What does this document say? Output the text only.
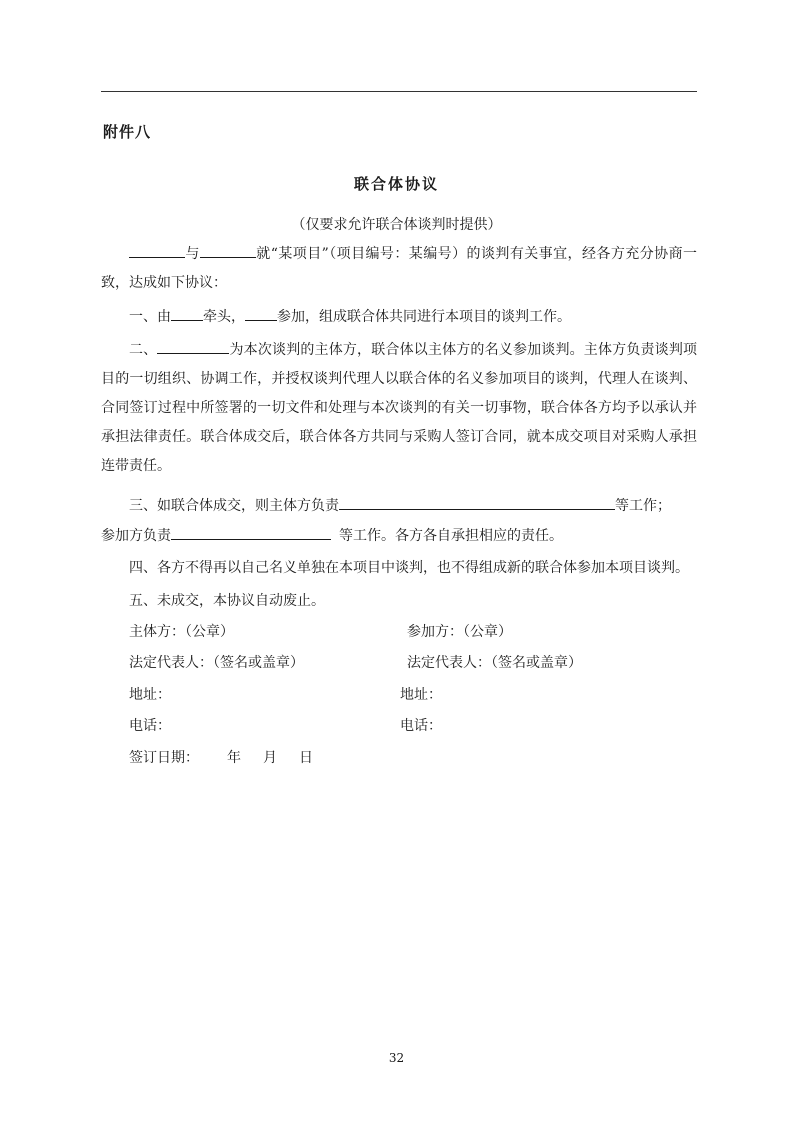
附件八
联合体协议
（仅要求允许联合体谈判时提供）
与	就“某项目”（项目编号：某编号）的谈判有关事宜，经各方充分协商一致，达成如下协议：
一、由 牵头， 参加，组成联合体共同进行本项目的谈判工作。
二、	为本次谈判的主体方，联合体以主体方的名义参加谈判。主体方负责谈判项目的一切组织、协调工作，并授权谈判代理人以联合体的名义参加项目的谈判，代理人在谈判、合同签订过程中所签署的一切文件和处理与本次谈判的有关一切事物，联合体各方均予以承认并承担法律责任。联合体成交后，联合体各方共同与采购人签订合同，就本成交项目对采购人承担连带责任。
三、如联合体成交，则主体方负责	等工作；
参加方负责	等工作。各方各自承担相应的责任。
四、各方不得再以自己名义单独在本项目中谈判，也不得组成新的联合体参加本项目谈判。
五、未成交，本协议自动废止。
主体方：（公章）	参加方：（公章）
法定代表人：（签名或盖章）	法定代表人：（签名或盖章）
地址：	地址：
电话：	电话：
签订日期： 年 月 日
32
